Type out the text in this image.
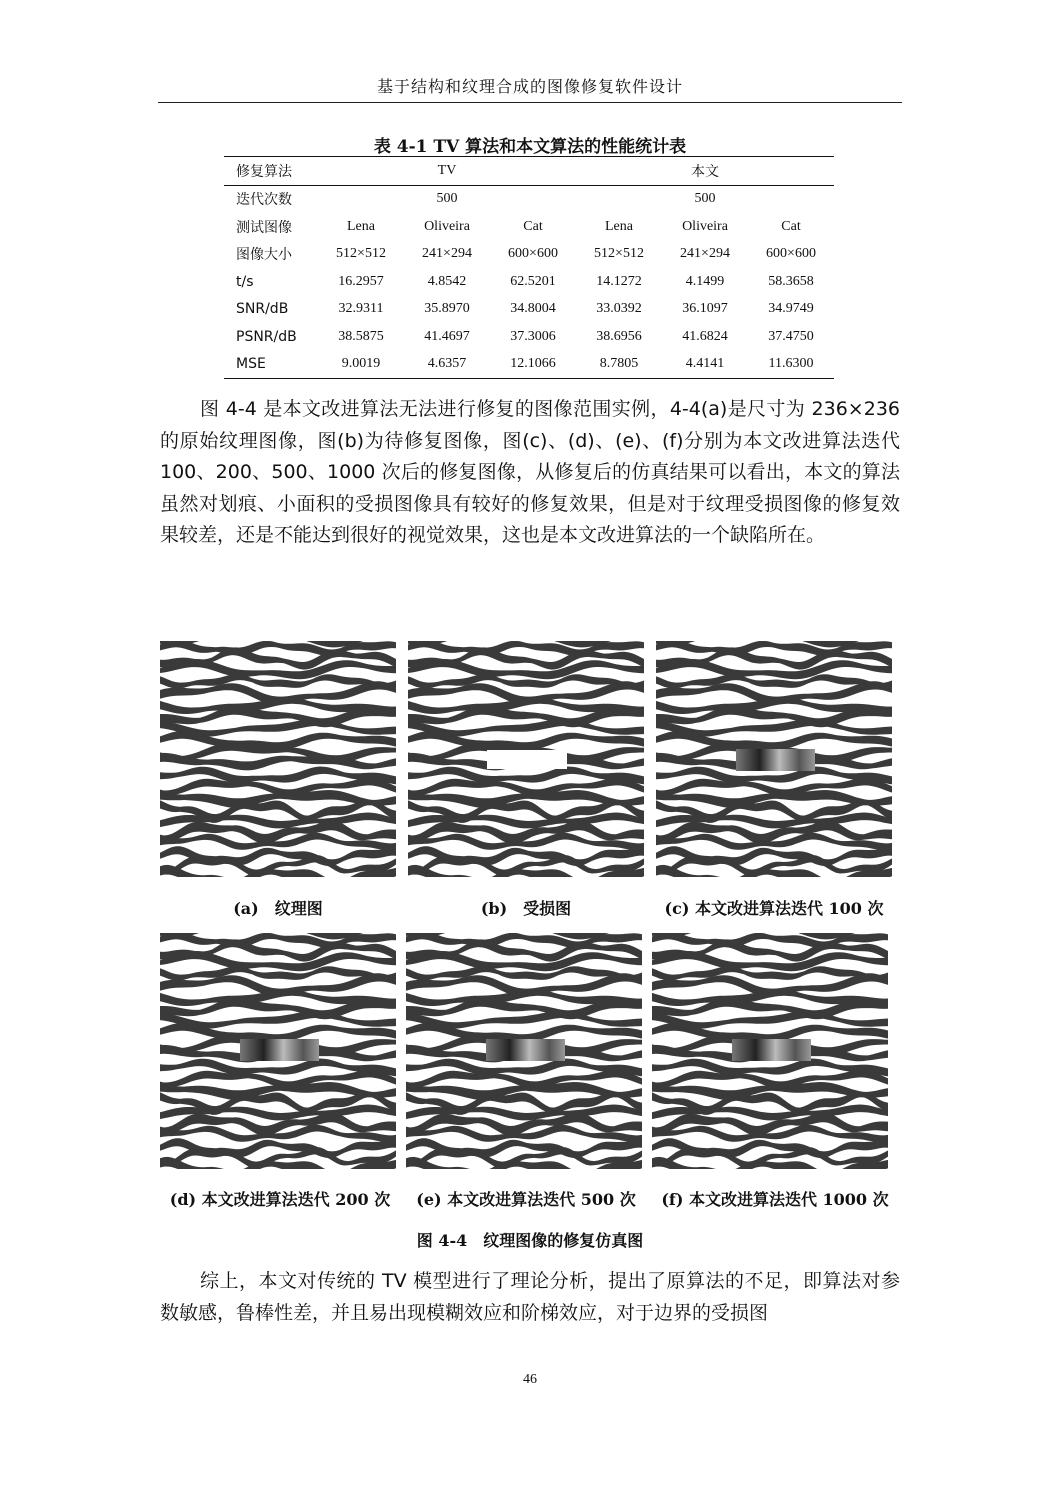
基于结构和纹理合成的图像修复软件设计
表 4-1 TV 算法和本文算法的性能统计表
修复算法	TV			本文		
迭代次数	500			500		
测试图像	Lena	Oliveira	Cat	Lena	Oliveira	Cat
图像大小	512×512	241×294	600×600	512×512	241×294	600×600
t/s	16.2957	4.8542	62.5201	14.1272	4.1499	58.3658
SNR/dB	32.9311	35.8970	34.8004	33.0392	36.1097	34.9749
PSNR/dB	38.5875	41.4697	37.3006	38.6956	41.6824	37.4750
MSE	9.0019	4.6357	12.1066	8.7805	4.4141	11.6300
图 4-4 是本文改进算法无法进行修复的图像范围实例，4-4(a)是尺寸为 236×236 的原始纹理图像，图(b)为待修复图像，图(c)、(d)、(e)、(f)分别为本文改进算法迭代 100、200、500、1000 次后的修复图像，从修复后的仿真结果可以看出，本文的算法虽然对划痕、小面积的受损图像具有较好的修复效果，但是对于纹理受损图像的修复效果较差，还是不能达到很好的视觉效果，这也是本文改进算法的一个缺陷所在。
(a)　纹理图	(b)　受损图	(c) 本文改进算法迭代 100 次
(d) 本文改进算法迭代 200 次	(e) 本文改进算法迭代 500 次	(f) 本文改进算法迭代 1000 次
图 4-4　纹理图像的修复仿真图
综上，本文对传统的 TV 模型进行了理论分析，提出了原算法的不足，即算法对参数敏感，鲁棒性差，并且易出现模糊效应和阶梯效应，对于边界的受损图
46
